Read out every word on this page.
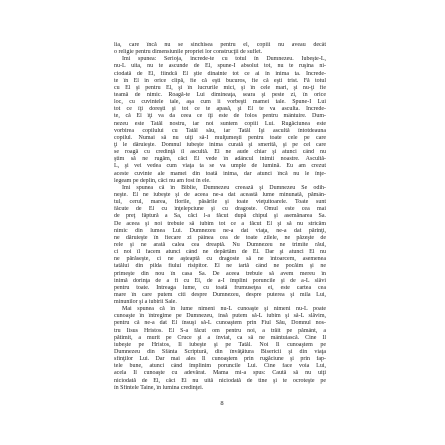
lia, care încă nu se sinchisea pentru el, copiii nu aveau decât
o religie pentru dimensiunile propriei lor construcţii de suflet.
Îmi spunea: Serioja, încrede-te cu totul în Dumnezeu. Iubeşte-L,
nu-L uita, nu te ascunde de El, spune-I absolut tot, nu te ruşina ni-
ciodată de El, fiindcă El ştie dinainte tot ce ai în inima ta. Încrede-
te în El în orice clipă, fie că eşti bucuros, fie că eşti trist. Fă totul
cu El şi pentru El, şi în lucrurile mici, şi în cele mari, şi nu-ţi fie
teamă de nimic. Roagă-te Lui dimineaţa, seara şi peste zi, în orice
loc, cu cuvintele tale, aşa cum îi vorbeşti mamei tale. Spune-I Lui
tot ce îţi doreşti şi tot ce te apasă, şi El te va asculta. Încrede-
te, că El îţi va da ceea ce îţi este de folos pentru mântuire. Dum-
nezeu este Tatăl nostru, iar noi suntem copiii Lui. Rugăciunea este
vorbirea copilului cu Tatăl său, iar Tatăl Îşi ascultă întotdeauna
copilul. Numai să nu uiţi să-I mulţumeşti pentru toate cele pe care
ţi le dăruieşte. Domnul iubeşte inima curată şi smerită, şi pe cel care
se roagă cu credinţă îl ascultă. El ne aude chiar şi atunci când nu
ştim să ne rugăm, căci El vede în adâncul inimii noastre. Ascultă-
L, şi vei vedea cum viaţa ta se va umple de lumină. Eu am crezut
aceste cuvinte ale mamei din toată inima, dar atunci încă nu le înţe-
legeam pe deplin, căci nu am fost în ele.
Îmi spunea că în Biblie, Dumnezeu creează şi Dumnezeu Se odih-
neşte. El ne iubeşte şi de aceea ne-a dat această lume minunată, pămân-
tul, cerul, marea, florile, păsările şi toate vieţuitoarele. Toate sunt
făcute de El cu înţelepciune şi cu dragoste. Omul este cea mai
de preţ făptură a Sa, căci l-a făcut după chipul şi asemănarea Sa.
De aceea şi noi trebuie să iubim tot ce a făcut El şi să nu stricăm
nimic din lumea Lui. Dumnezeu ne-a dat viaţa, ne-a dat părinţi,
ne dăruieşte în fiecare zi pâinea cea de toate zilele, ne păzeşte de
rele şi ne arată calea cea dreaptă. Nu Dumnezeu ne trimite răul,
ci noi îl facem atunci când ne depărtăm de El. Dar şi atunci El nu
ne părăseşte, ci ne aşteaptă cu dragoste să ne întoarcem, asemenea
tatălui din pilda fiului risipitor. El ne iartă când ne pocăim şi ne
primeşte din nou în casa Sa. De aceea trebuie să avem mereu în
inimă dorinţa de a fi cu El, de a-I împlini poruncile şi de a-L slăvi
pentru toate. Întreaga lume, cu toată frumuseţea ei, este cartea cea
mare în care putem citi despre Dumnezeu, despre puterea şi mila Lui,
minunilor şi a iubirii Sale.
Mai spunea că în lume nimeni nu-L cunoaşte şi nimeni nu-L poate
cunoaşte în întregime pe Dumnezeu, însă putem să-L iubim şi să-L slăvim,
pentru că ne-a dat El însuşi să-L cunoaştem prin Fiul Său, Domnul nos-
tru Iisus Hristos. El S-a făcut om pentru noi, a trăit pe pământ, a
pătimit, a murit pe Cruce şi a înviat, ca să ne mântuiască. Cine Îl
iubeşte pe Hristos, Îl iubeşte şi pe Tatăl. Noi Îl cunoaştem pe
Dumnezeu din Sfânta Scriptură, din învăţătura Bisericii şi din viaţa
sfinţilor Lui. Dar mai ales Îl cunoaştem prin rugăciune şi prin fap-
tele bune, atunci când împlinim poruncile Lui. Cine face voia Lui,
acela Îl cunoaşte cu adevărat. Mama mi-a spus: Caută să nu uiţi
niciodată de El, căci El nu uită niciodată de tine şi te ocroteşte pe
în Sfintele Taine, în lumina credinţei.
8
